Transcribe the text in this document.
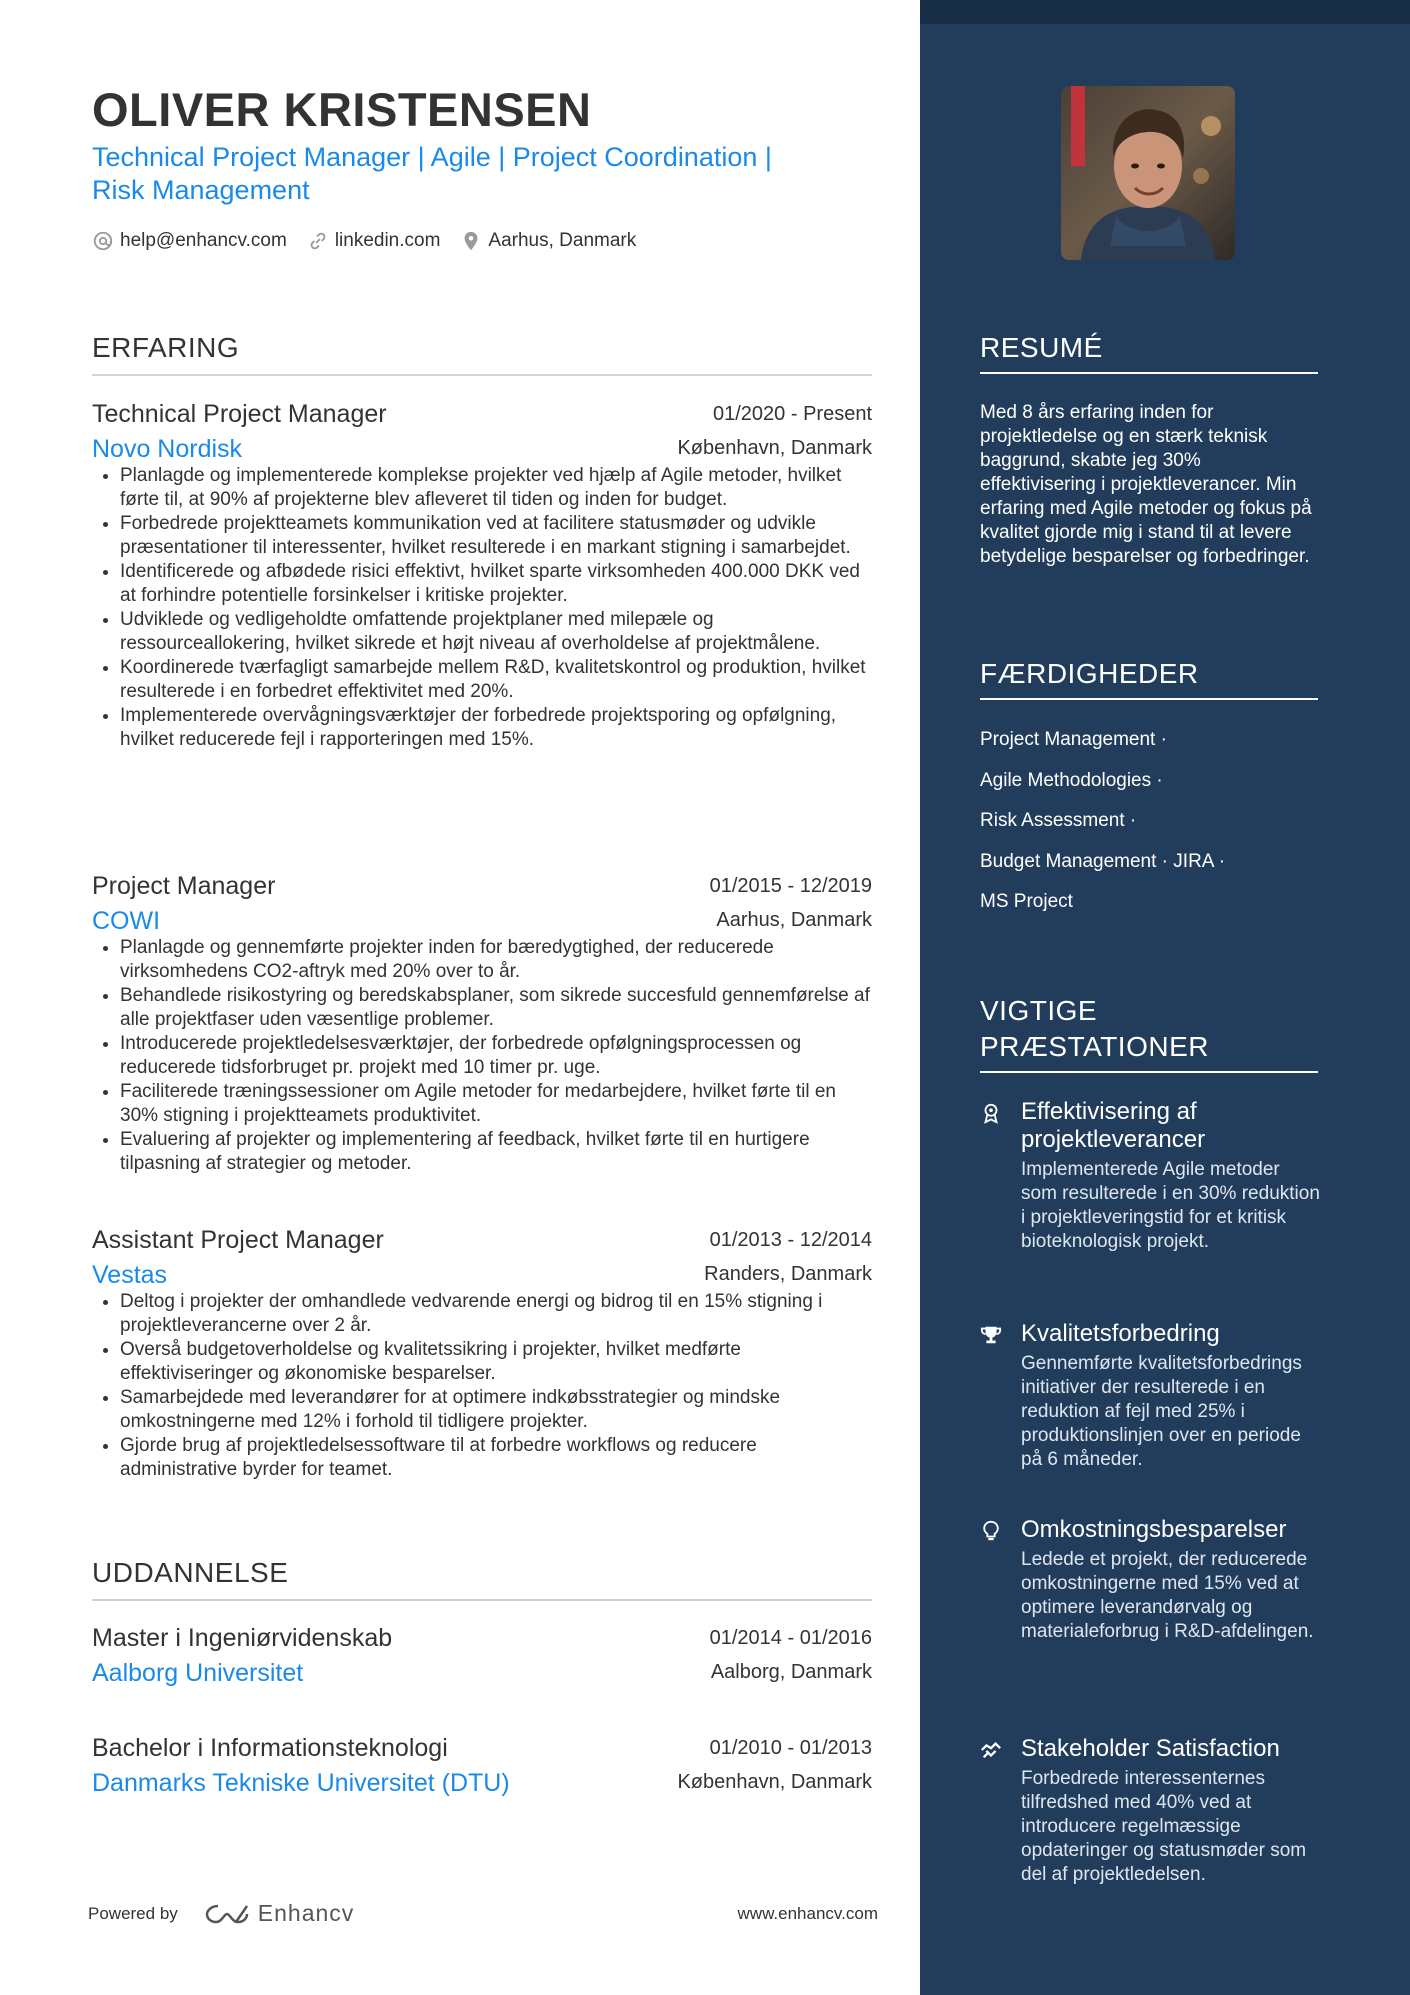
OLIVER KRISTENSEN
Technical Project Manager | Agile | Project Coordination |
Risk Management
help@enhancv.com	linkedin.com	Aarhus, Danmark
ERFARING
Technical Project Manager	01/2020 - Present
Novo Nordisk	København, Danmark
• Planlagde og implementerede komplekse projekter ved hjælp af Agile metoder, hvilket førte til, at 90% af projekterne blev afleveret til tiden og inden for budget.
• Forbedrede projektteamets kommunikation ved at facilitere statusmøder og udvikle præsentationer til interessenter, hvilket resulterede i en markant stigning i samarbejdet.
• Identificerede og afbødede risici effektivt, hvilket sparte virksomheden 400.000 DKK ved at forhindre potentielle forsinkelser i kritiske projekter.
• Udviklede og vedligeholdte omfattende projektplaner med milepæle og ressourceallokering, hvilket sikrede et højt niveau af overholdelse af projektmålene.
• Koordinerede tværfagligt samarbejde mellem R&D, kvalitetskontrol og produktion, hvilket resulterede i en forbedret effektivitet med 20%.
• Implementerede overvågningsværktøjer der forbedrede projektsporing og opfølgning, hvilket reducerede fejl i rapporteringen med 15%.
Project Manager	01/2015 - 12/2019
COWI	Aarhus, Danmark
• Planlagde og gennemførte projekter inden for bæredygtighed, der reducerede virksomhedens CO2-aftryk med 20% over to år.
• Behandlede risikostyring og beredskabsplaner, som sikrede succesfuld gennemførelse af alle projektfaser uden væsentlige problemer.
• Introducerede projektledelsesværktøjer, der forbedrede opfølgningsprocessen og reducerede tidsforbruget pr. projekt med 10 timer pr. uge.
• Faciliterede træningssessioner om Agile metoder for medarbejdere, hvilket førte til en 30% stigning i projektteamets produktivitet.
• Evaluering af projekter og implementering af feedback, hvilket førte til en hurtigere tilpasning af strategier og metoder.
Assistant Project Manager	01/2013 - 12/2014
Vestas	Randers, Danmark
• Deltog i projekter der omhandlede vedvarende energi og bidrog til en 15% stigning i projektleverancerne over 2 år.
• Overså budgetoverholdelse og kvalitetssikring i projekter, hvilket medførte effektiviseringer og økonomiske besparelser.
• Samarbejdede med leverandører for at optimere indkøbsstrategier og mindske omkostningerne med 12% i forhold til tidligere projekter.
• Gjorde brug af projektledelsessoftware til at forbedre workflows og reducere administrative byrder for teamet.
UDDANNELSE
Master i Ingeniørvidenskab	01/2014 - 01/2016
Aalborg Universitet	Aalborg, Danmark
Bachelor i Informationsteknologi	01/2010 - 01/2013
Danmarks Tekniske Universitet (DTU)	København, Danmark
Powered by	Enhancv	www.enhancv.com
RESUMÉ
Med 8 års erfaring inden for projektledelse og en stærk teknisk baggrund, skabte jeg 30% effektivisering i projektleverancer. Min erfaring med Agile metoder og fokus på kvalitet gjorde mig i stand til at levere betydelige besparelser og forbedringer.
FÆRDIGHEDER
Project Management ·
Agile Methodologies ·
Risk Assessment ·
Budget Management · JIRA ·
MS Project
VIGTIGE PRÆSTATIONER
Effektivisering af projektleverancer
Implementerede Agile metoder som resulterede i en 30% reduktion i projektleveringstid for et kritisk bioteknologisk projekt.
Kvalitetsforbedring
Gennemførte kvalitetsforbedrings initiativer der resulterede i en reduktion af fejl med 25% i produktionslinjen over en periode på 6 måneder.
Omkostningsbesparelser
Ledede et projekt, der reducerede omkostningerne med 15% ved at optimere leverandørvalg og materialeforbrug i R&D-afdelingen.
Stakeholder Satisfaction
Forbedrede interessenternes tilfredshed med 40% ved at introducere regelmæssige opdateringer og statusmøder som del af projektledelsen.
